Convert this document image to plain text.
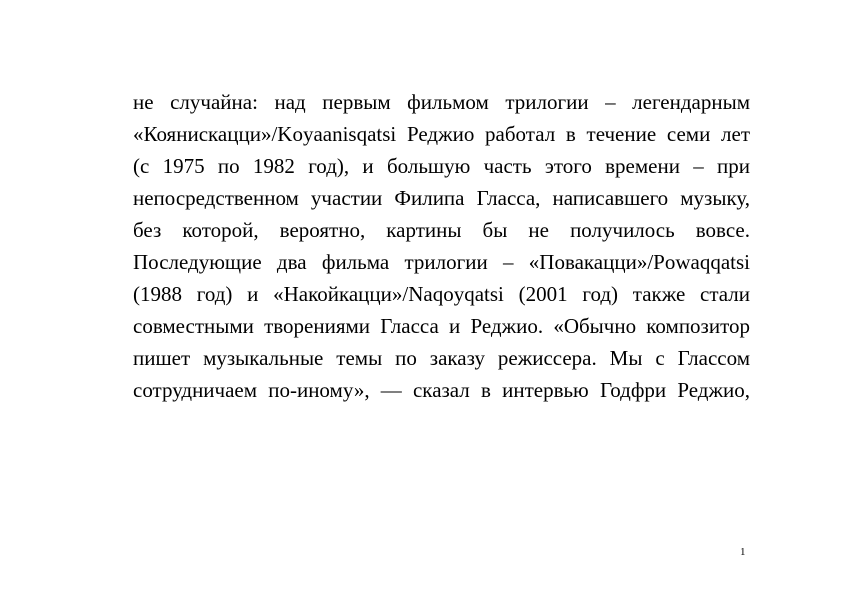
не случайна: над первым фильмом трилогии – легендарным
«Коянискацци»/Koyaanisqatsi Реджио работал в течение семи лет
(с 1975 по 1982 год), и большую часть этого времени – при
непосредственном участии Филипа Гласса, написавшего музыку,
без которой, вероятно, картины бы не получилось вовсе.
Последующие два фильма трилогии – «Повакацци»/Powaqqatsi
(1988 год) и «Накойкацци»/Naqoyqatsi (2001 год) также стали
совместными творениями Гласса и Реджио. «Обычно композитор
пишет музыкальные темы по заказу режиссера. Мы с Глассом
сотрудничаем по-иному», — сказал в интервью Годфри Реджио,
1
